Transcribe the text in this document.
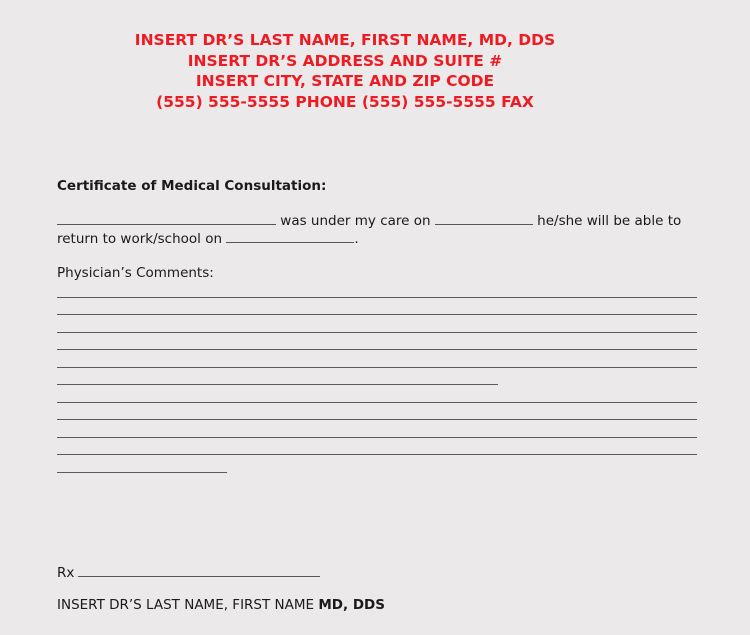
INSERT DR’S LAST NAME, FIRST NAME, MD, DDS
INSERT DR’S ADDRESS AND SUITE #
INSERT CITY, STATE AND ZIP CODE
(555) 555-5555 PHONE (555) 555-5555 FAX
Certificate of Medical Consultation:
was under my care on	he/she will be able to
return to work/school on	.
Physician’s Comments:
Rx
INSERT DR’S LAST NAME, FIRST NAME MD, DDS
